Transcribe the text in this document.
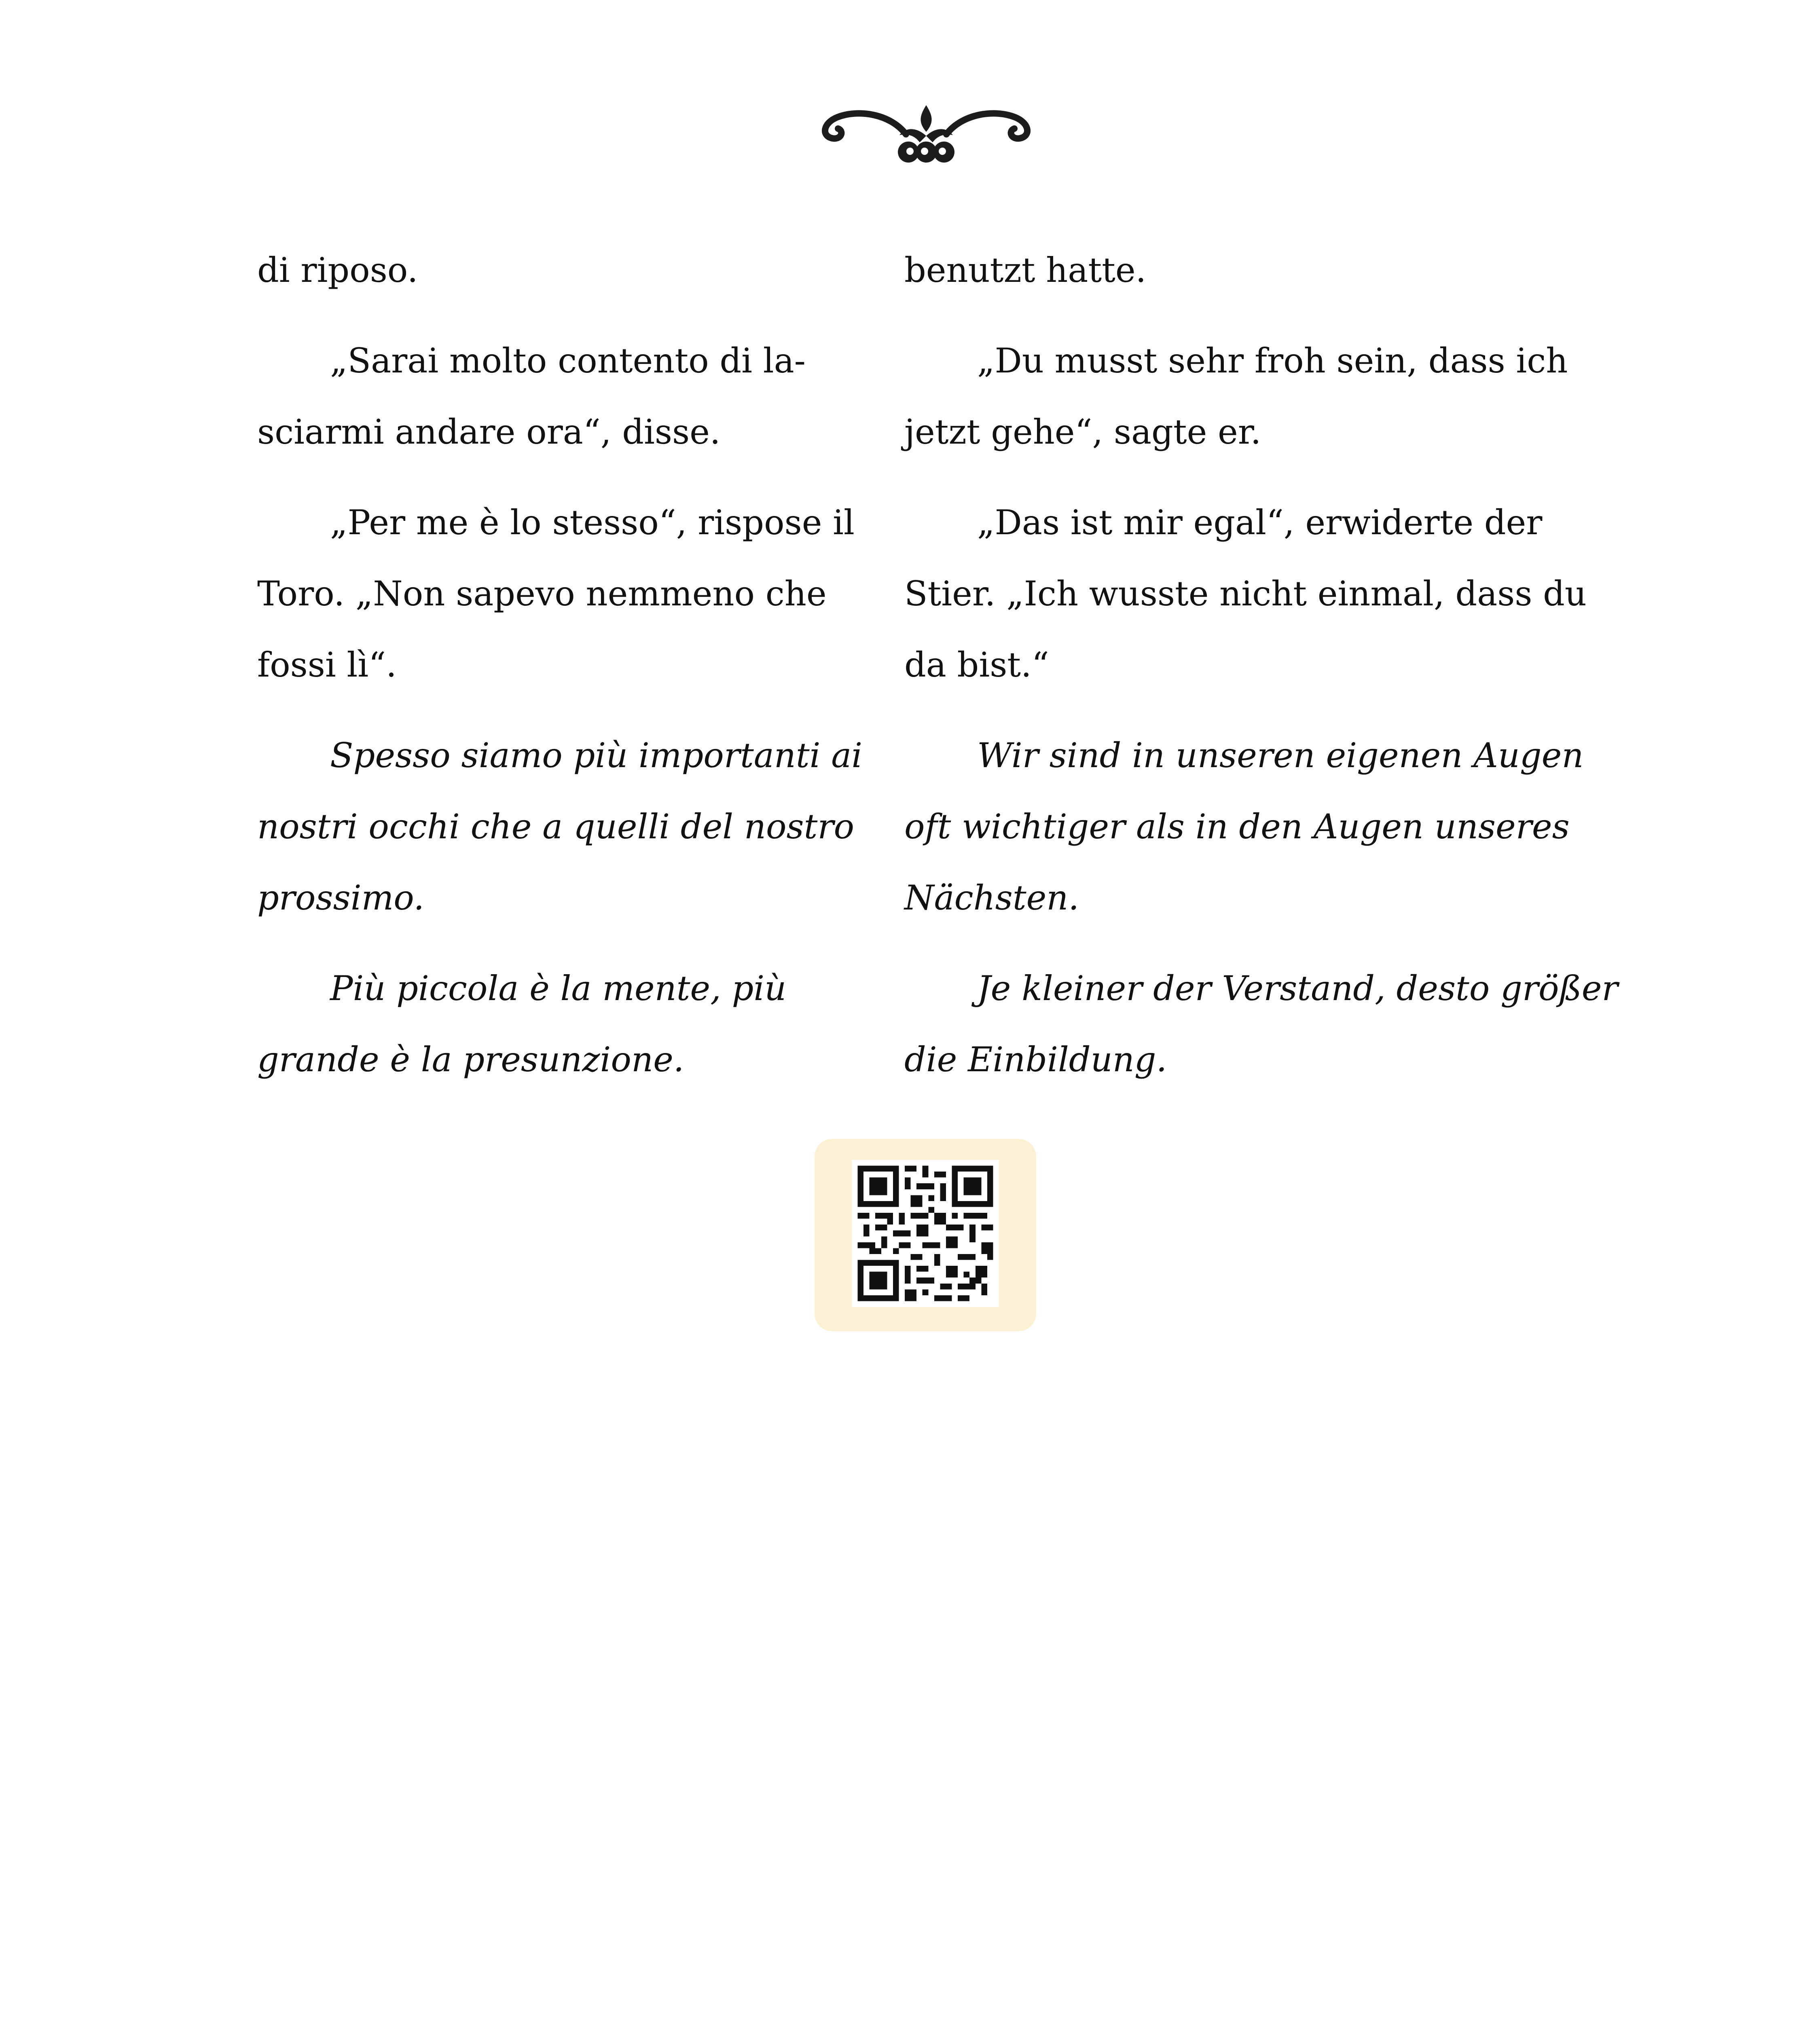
di riposo.
„Sarai molto contento di la-
sciarmi andare ora“, disse.
„Per me è lo stesso“, rispose il
Toro. „Non sapevo nemmeno che
fossi lì“.
Spesso siamo più importanti ai
nostri occhi che a quelli del nostro
prossimo.
Più piccola è la mente, più
grande è la presunzione.
benutzt hatte.
„Du musst sehr froh sein, dass ich
jetzt gehe“, sagte er.
„Das ist mir egal“, erwiderte der
Stier. „Ich wusste nicht einmal, dass du
da bist.“
Wir sind in unseren eigenen Augen
oft wichtiger als in den Augen unseres
Nächsten.
Je kleiner der Verstand, desto größer
die Einbildung.
